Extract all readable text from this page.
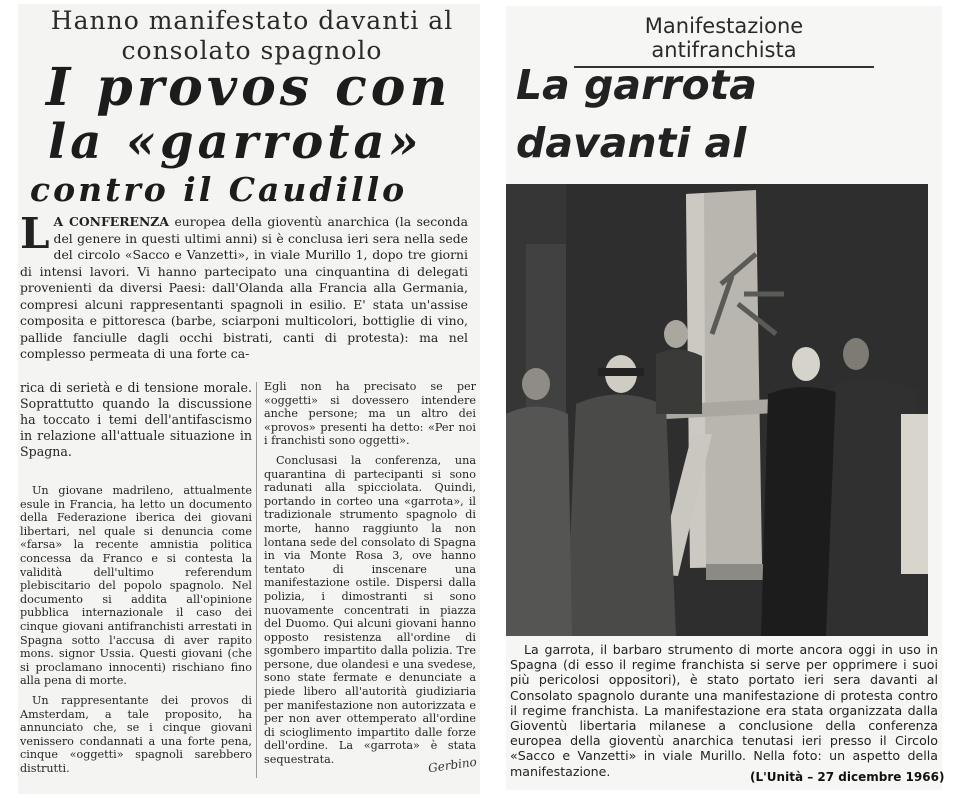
Hanno manifestato davanti al consolato spagnolo
I provos con
la «garrota»
contro il Caudillo
L A CONFERENZA europea della gioventù anarchica (la seconda del genere in questi ultimi anni) si è conclusa ieri sera nella sede del circolo «Sacco e Vanzetti», in viale Murillo 1, dopo tre giorni di intensi lavori. Vi hanno partecipato una cinquantina di delegati provenienti da diversi Paesi: dall'Olanda alla Francia alla Germania, compresi alcuni rappresentanti spagnoli in esilio. E' stata un'assise composita e pittoresca (barbe, sciarponi multicolori, bottiglie di vino, pallide fanciulle dagli occhi bistrati, canti di protesta): ma nel complesso permeata di una forte ca-

rica di serietà e di tensione morale. Soprattutto quando la discussione ha toccato i temi dell'antifascismo in relazione all'attuale situazione in Spagna.

Un giovane madrileno, attualmente esule in Francia, ha letto un documento della Federazione iberica dei giovani libertari, nel quale si denuncia come «farsa» la recente amnistia politica concessa da Franco e si contesta la validità dell'ultimo referendum plebiscitario del popolo spagnolo. Nel documento si addita all'opinione pubblica internazionale il caso dei cinque giovani antifranchisti arrestati in Spagna sotto l'accusa di aver rapito mons. signor Ussia. Questi giovani (che si proclamano innocenti) rischiano fino alla pena di morte.

Un rappresentante dei provos di Amsterdam, a tale proposito, ha annunciato che, se i cinque giovani venissero condannati a una forte pena, cinque «oggetti» spagnoli sarebbero distrutti.

Egli non ha precisato se per «oggetti» si dovessero intendere anche persone; ma un altro dei «provos» presenti ha detto: «Per noi i franchisti sono oggetti».

Conclusasi la conferenza, una quarantina di partecipanti si sono radunati alla spicciolata. Quindi, portando in corteo una «garrota», il tradizionale strumento spagnolo di morte, hanno raggiunto la non lontana sede del consolato di Spagna in via Monte Rosa 3, ove hanno tentato di inscenare una manifestazione ostile. Dispersi dalla polizia, i dimostranti si sono nuovamente concentrati in piazza del Duomo. Qui alcuni giovani hanno opposto resistenza all'ordine di sgombero impartito dalla polizia. Tre persone, due olandesi e una svedese, sono state fermate e denunciate a piede libero all'autorità giudiziaria per manifestazione non autorizzata e per non aver ottemperato all'ordine di scioglimento impartito dalle forze dell'ordine. La «garrota» è stata sequestrata.	Gerbino
Manifestazione antifranchista
La garrota davanti al
La garrota, il barbaro strumento di morte ancora oggi in uso in Spagna (di esso il regime franchista si serve per opprimere i suoi più pericolosi oppositori), è stato portato ieri sera davanti al Consolato spagnolo durante una manifestazione di protesta contro il regime franchista. La manifestazione era stata organizzata dalla Gioventù libertaria milanese a conclusione della conferenza europea della gioventù anarchica tenutasi ieri presso il Circolo «Sacco e Vanzetti» in viale Murillo. Nella foto: un aspetto della manifestazione.	(L'Unità – 27 dicembre 1966)
